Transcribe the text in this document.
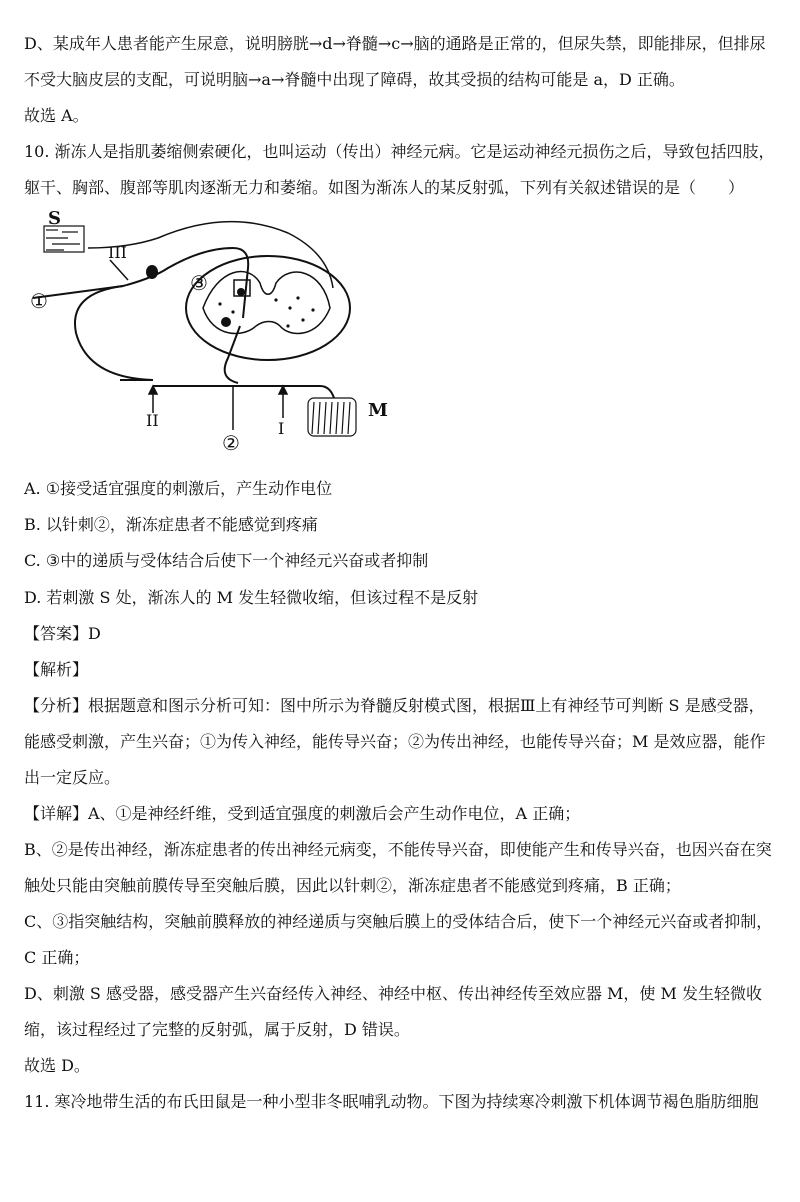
D、某成年人患者能产生尿意，说明膀胱→d→脊髓→c→脑的通路是正常的，但尿失禁，即能排尿，但排尿
不受大脑皮层的支配，可说明脑→a→脊髓中出现了障碍，故其受损的结构可能是 a，D 正确。
故选 A。
10. 渐冻人是指肌萎缩侧索硬化，也叫运动（传出）神经元病。它是运动神经元损伤之后，导致包括四肢，
躯干、胸部、腹部等肌肉逐渐无力和萎缩。如图为渐冻人的某反射弧，下列有关叙述错误的是（　　）
S
M
III
II	I
①
②
③
A. ①接受适宜强度的刺激后，产生动作电位
B. 以针刺②，渐冻症患者不能感觉到疼痛
C. ③中的递质与受体结合后使下一个神经元兴奋或者抑制
D. 若刺激 S 处，渐冻人的 M 发生轻微收缩，但该过程不是反射
【答案】D
【解析】
【分析】根据题意和图示分析可知：图中所示为脊髓反射模式图，根据Ⅲ上有神经节可判断 S 是感受器，能感受刺激，产生兴奋；①为传入神经，能传导兴奋；②为传出神经，也能传导兴奋；M 是效应器，能作出一定反应。
【详解】A、①是神经纤维，受到适宜强度的刺激后会产生动作电位，A 正确；
B、②是传出神经，渐冻症患者的传出神经元病变，不能传导兴奋，即使能产生和传导兴奋，也因兴奋在突触处只能由突触前膜传导至突触后膜，因此以针刺②，渐冻症患者不能感觉到疼痛，B 正确；
C、③指突触结构，突触前膜释放的神经递质与突触后膜上的受体结合后，使下一个神经元兴奋或者抑制，C 正确；
D、刺激 S 感受器，感受器产生兴奋经传入神经、神经中枢、传出神经传至效应器 M，使 M 发生轻微收缩，该过程经过了完整的反射弧，属于反射，D 错误。
故选 D。
11. 寒冷地带生活的布氏田鼠是一种小型非冬眠哺乳动物。下图为持续寒冷刺激下机体调节褐色脂肪细胞
